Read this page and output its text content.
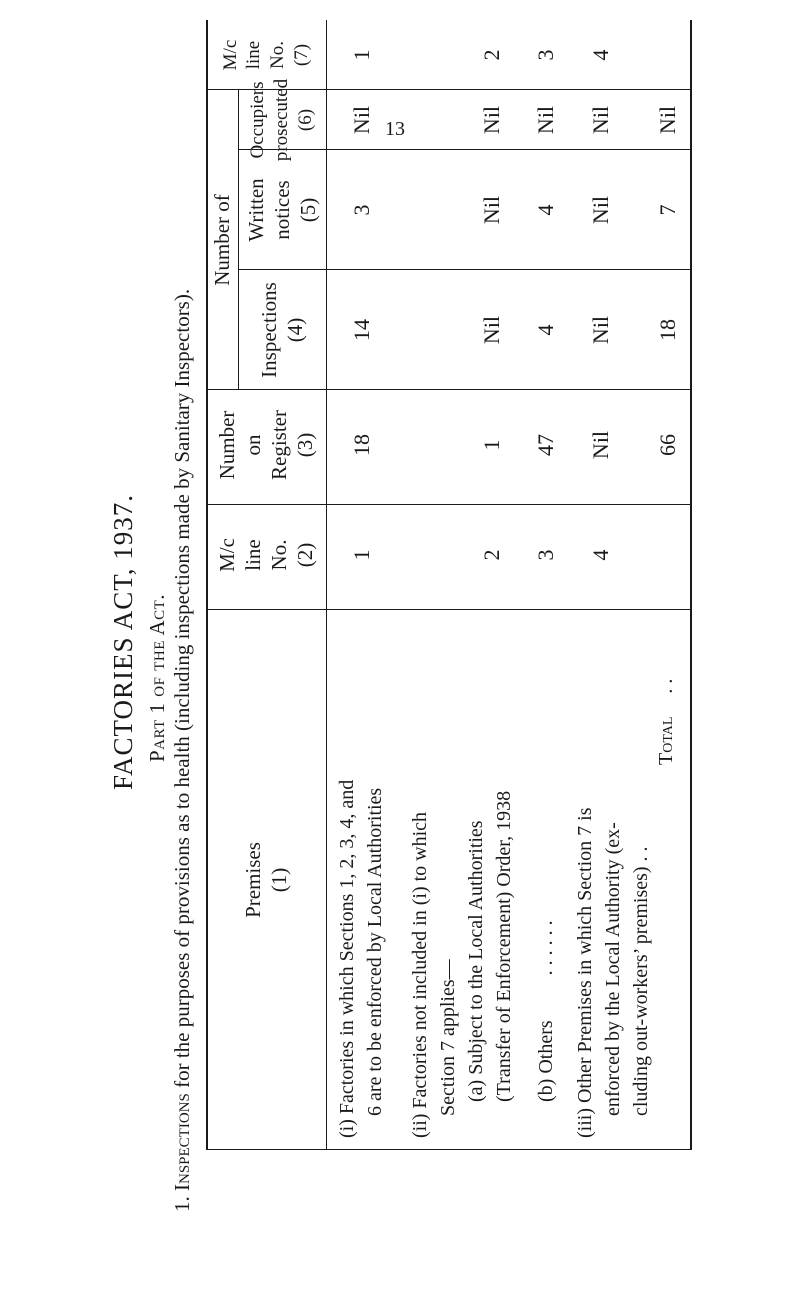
13
FACTORIES ACT, 1937. Part 1 of the Act.
1. Inspections for the purposes of provisions as to health (including inspections made by Sanitary Inspectors). Premises (1)
M/c line No. (2)
Number on Register (3)
Number of
Inspections (4)
Written notices (5)
Occupiers prosecuted (6)
M/c line No. (7)
(i) Factories in which Sections 1, 2, 3, 4, and 6 are to be enforced by Local Authorities
1
18
14
3
Nil
1
(ii) Factories not included in (i) to which Section 7 applies— (a) Subject to the Local Authorities (Transfer of Enforcement) Order, 1938
2
1
Nil
Nil
Nil
2
(b) Others . . . . . .
3
47
4
4
Nil
3
(iii) Other Premises in which Section 7 is enforced by the Local Authority (ex- cluding out-workers’ premises) . .
4
Nil
Nil
Nil
Nil
4
Total . .
66
18
7
Nil
